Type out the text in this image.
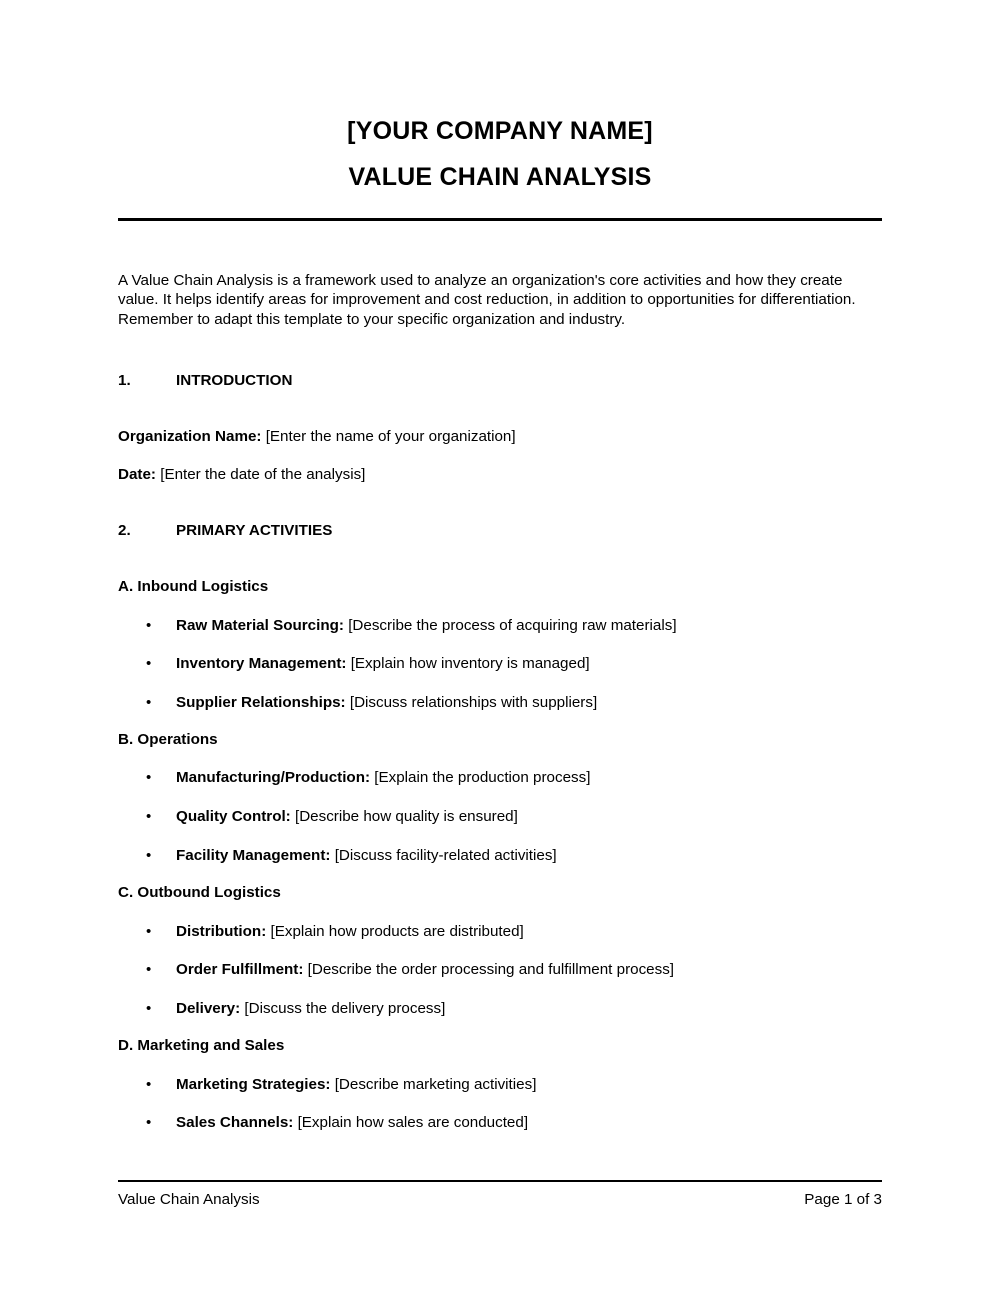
[YOUR COMPANY NAME]
VALUE CHAIN ANALYSIS
A Value Chain Analysis is a framework used to analyze an organization's core activities and how they create value. It helps identify areas for improvement and cost reduction, in addition to opportunities for differentiation. Remember to adapt this template to your specific organization and industry.
1.	INTRODUCTION
Organization Name: [Enter the name of your organization]
Date: [Enter the date of the analysis]
2.	PRIMARY ACTIVITIES
A. Inbound Logistics
• Raw Material Sourcing: [Describe the process of acquiring raw materials]
• Inventory Management: [Explain how inventory is managed]
• Supplier Relationships: [Discuss relationships with suppliers]
B. Operations
• Manufacturing/Production: [Explain the production process]
• Quality Control: [Describe how quality is ensured]
• Facility Management: [Discuss facility-related activities]
C. Outbound Logistics
• Distribution: [Explain how products are distributed]
• Order Fulfillment: [Describe the order processing and fulfillment process]
• Delivery: [Discuss the delivery process]
D. Marketing and Sales
• Marketing Strategies: [Describe marketing activities]
• Sales Channels: [Explain how sales are conducted]
Value Chain Analysis	Page 1 of 3
